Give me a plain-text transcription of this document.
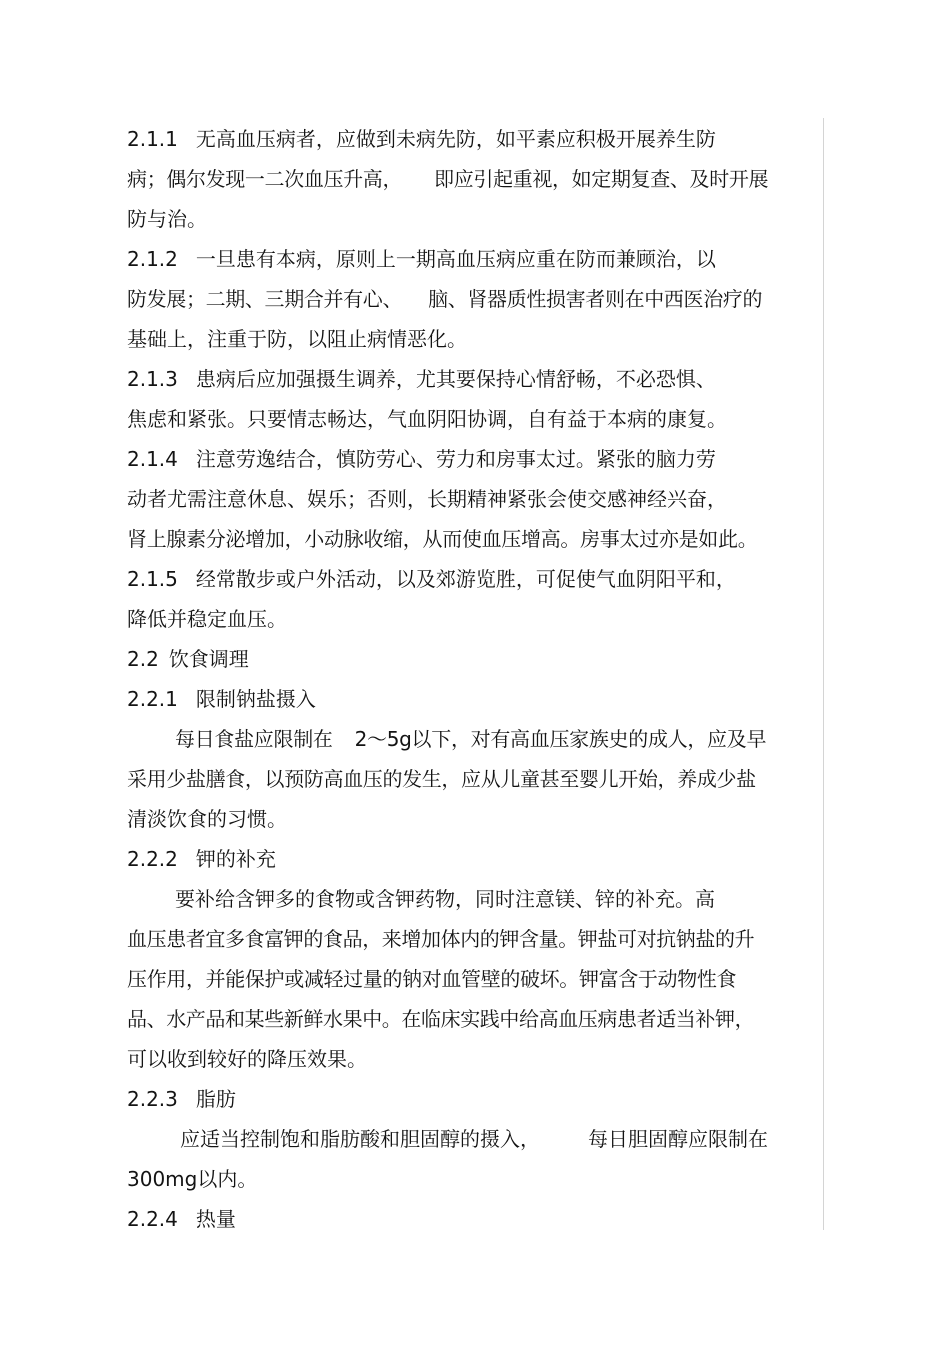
2.1.1 无高血压病者，应做到未病先防，如平素应积极开展养生防

病；偶尔发现一二次血压升高， 即应引起重视，如定期复查、及时开展

防与治。

2.1.2 一旦患有本病，原则上一期高血压病应重在防而兼顾治，以

防发展；二期、三期合并有心、 脑、肾器质性损害者则在中西医治疗的

基础上，注重于防，以阻止病情恶化。

2.1.3 患病后应加强摄生调养，尤其要保持心情舒畅，不必恐惧、

焦虑和紧张。只要情志畅达，气血阴阳协调，自有益于本病的康复。

2.1.4 注意劳逸结合，慎防劳心、劳力和房事太过。紧张的脑力劳

动者尤需注意休息、娱乐；否则，长期精神紧张会使交感神经兴奋，

肾上腺素分泌增加，小动脉收缩，从而使血压增高。房事太过亦是如此。

2.1.5 经常散步或户外活动，以及郊游览胜，可促使气血阴阳平和，

降低并稳定血压。

2.2 饮食调理

2.2.1 限制钠盐摄入

每日食盐应限制在 2～5g以下，对有高血压家族史的成人，应及早

采用少盐膳食，以预防高血压的发生，应从儿童甚至婴儿开始，养成少盐

清淡饮食的习惯。

2.2.2 钾的补充

要补给含钾多的食物或含钾药物，同时注意镁、锌的补充。高

血压患者宜多食富钾的食品，来增加体内的钾含量。钾盐可对抗钠盐的升

压作用，并能保护或减轻过量的钠对血管壁的破坏。钾富含于动物性食

品、水产品和某些新鲜水果中。在临床实践中给高血压病患者适当补钾，

可以收到较好的降压效果。

2.2.3 脂肪

应适当控制饱和脂肪酸和胆固醇的摄入， 每日胆固醇应限制在

300mg以内。

2.2.4 热量
